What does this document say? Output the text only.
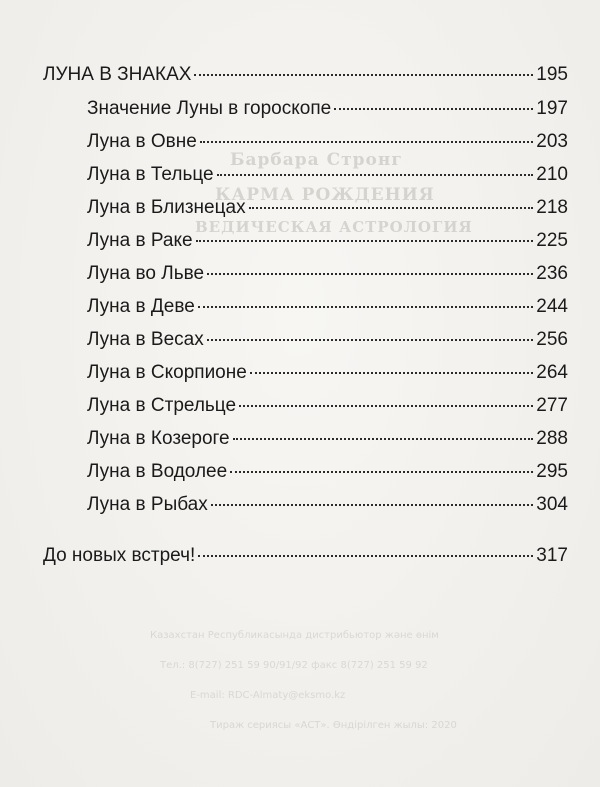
Барбара Стронг
КАРМА РОЖДЕНИЯ
ВЕДИЧЕСКАЯ АСТРОЛОГИЯ
Казахстан Республикасында дистрибьютор және өнім
Тел.: 8(727) 251 59 90/91/92 факс 8(727) 251 59 92
E-mail: RDC-Almaty@eksmo.kz
Тираж сериясы «АСТ». Өндірілген жылы: 2020
ЛУНА В ЗНАКАХ	195
Значение Луны в гороскопе	197
Луна в Овне	203
Луна в Тельце	210
Луна в Близнецах	218
Луна в Раке	225
Луна во Льве	236
Луна в Деве	244
Луна в Весах	256
Луна в Скорпионе	264
Луна в Стрельце	277
Луна в Козероге	288
Луна в Водолее	295
Луна в Рыбах	304
До новых встреч!	317
